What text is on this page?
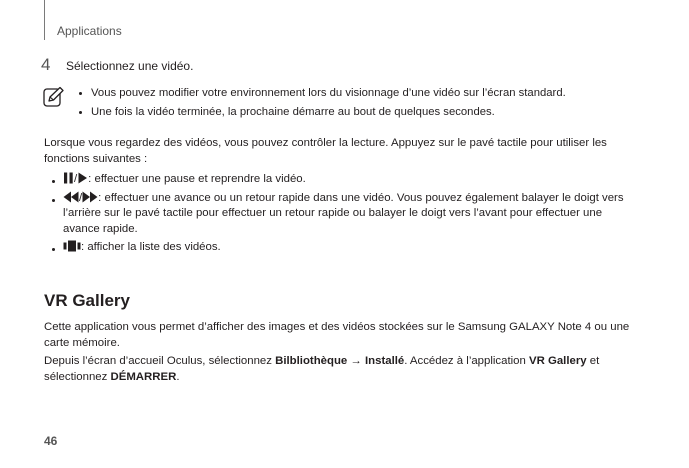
Applications
4	Sélectionnez une vidéo.
Vous pouvez modifier votre environnement lors du visionnage d’une vidéo sur l’écran standard.
Une fois la vidéo terminée, la prochaine démarre au bout de quelques secondes.

Lorsque vous regardez des vidéos, vous pouvez contrôler la lecture. Appuyez sur le pavé tactile pour utiliser les fonctions suivantes :

/ : effectuer une pause et reprendre la vidéo.
/ : effectuer une avance ou un retour rapide dans une vidéo. Vous pouvez également balayer le doigt vers l’arrière sur le pavé tactile pour effectuer un retour rapide ou balayer le doigt vers l’avant pour effectuer une avance rapide.
: afficher la liste des vidéos.
VR Gallery

Cette application vous permet d’afficher des images et des vidéos stockées sur le Samsung GALAXY Note 4 ou une carte mémoire.

Depuis l’écran d’accueil Oculus, sélectionnez Bilbliothèque → Installé. Accédez à l’application VR Gallery et sélectionnez DÉMARRER.

46
